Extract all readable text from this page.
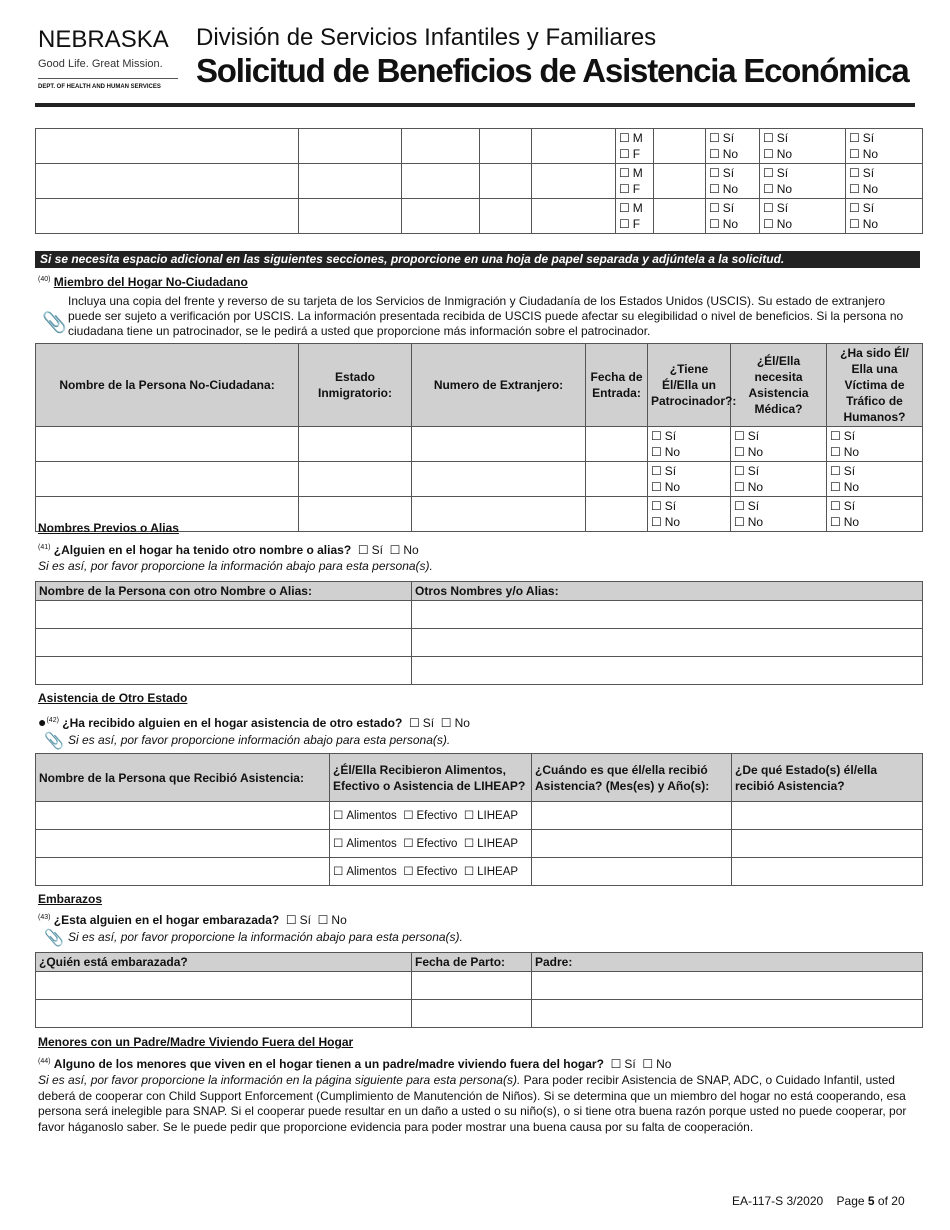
NEBRASKA
Good Life. Great Mission.
DEPT. OF HEALTH AND HUMAN SERVICES
División de Servicios Infantiles y Familiares
Solicitud de Beneficios de Asistencia Económica
					☐ M
☐ F		☐ Sí
☐ No	☐ Sí
☐ No	☐ Sí
☐ No
					☐ M
☐ F		☐ Sí
☐ No	☐ Sí
☐ No	☐ Sí
☐ No
					☐ M
☐ F		☐ Sí
☐ No	☐ Sí
☐ No	☐ Sí
☐ No
Si se necesita espacio adicional en las siguientes secciones, proporcione en una hoja de papel separada y adjúntela a la solicitud.
$^{(40)}$ Miembro del Hogar No-Ciudadano
📎
Incluya una copia del frente y reverso de su tarjeta de los Servicios de Inmigración y Ciudadanía de los Estados Unidos (USCIS). Su estado de extranjero puede ser sujeto a verificación por USCIS. La información presentada recibida de USCIS puede afectar su elegibilidad o nivel de beneficios. Si la persona no ciudadana tiene un patrocinador, se le pedirá a usted que proporcione más información sobre el patrocinador.
Nombre de la Persona No-Ciudadana:	Estado Inmigratorio:	Numero de Extranjero:	Fecha de Entrada:	¿Tiene Él/Ella un Patrocinador?:	¿Él/Ella necesita Asistencia Médica?	¿Ha sido Él/ Ella una Víctima de Tráfico de Humanos?
				☐ Sí
☐ No	☐ Sí
☐ No	☐ Sí
☐ No
				☐ Sí
☐ No	☐ Sí
☐ No	☐ Sí
☐ No
				☐ Sí
☐ No	☐ Sí
☐ No	☐ Sí
☐ No
Nombres Previos o Alias
$^{(41)}$ ¿Alguien en el hogar ha tenido otro nombre o alias? ☐ Sí ☐ No
Si es así, por favor proporcione la información abajo para esta persona(s).
Nombre de la Persona con otro Nombre o Alias:	Otros Nombres y/o Alias:

Asistencia de Otro Estado
●$^{(42)}$ ¿Ha recibido alguien en el hogar asistencia de otro estado? ☐ Sí ☐ No
📎 Si es así, por favor proporcione información abajo para esta persona(s).
Nombre de la Persona que Recibió Asistencia:	¿Él/Ella Recibieron Alimentos, Efectivo o Asistencia de LIHEAP?	¿Cuándo es que él/ella recibió Asistencia? (Mes(es) y Año(s):	¿De qué Estado(s) él/ella recibió Asistencia?
	☐ Alimentos ☐ Efectivo ☐ LIHEAP		
	☐ Alimentos ☐ Efectivo ☐ LIHEAP		
	☐ Alimentos ☐ Efectivo ☐ LIHEAP		
Embarazos
$^{(43)}$ ¿Esta alguien en el hogar embarazada? ☐ Sí ☐ No
📎 Si es así, por favor proporcione la información abajo para esta persona(s).
¿Quién está embarazada?	Fecha de Parto:	Padre:

Menores con un Padre/Madre Viviendo Fuera del Hogar
$^{(44)}$ Alguno de los menores que viven en el hogar tienen a un padre/madre viviendo fuera del hogar? ☐ Sí ☐ No
Si es así, por favor proporcione la información en la página siguiente para esta persona(s). Para poder recibir Asistencia de SNAP, ADC, o Cuidado Infantil, usted deberá de cooperar con Child Support Enforcement (Cumplimiento de Manutención de Niños). Si se determina que un miembro del hogar no está cooperando, esa persona será inelegible para SNAP. Si el cooperar puede resultar en un daño a usted o su niño(s), o si tiene otra buena razón porque usted no puede cooperar, por favor háganoslo saber. Se le puede pedir que proporcione evidencia para poder mostrar una buena causa por su falta de cooperación.
EA-117-S 3/2020 Page 5 of 20
